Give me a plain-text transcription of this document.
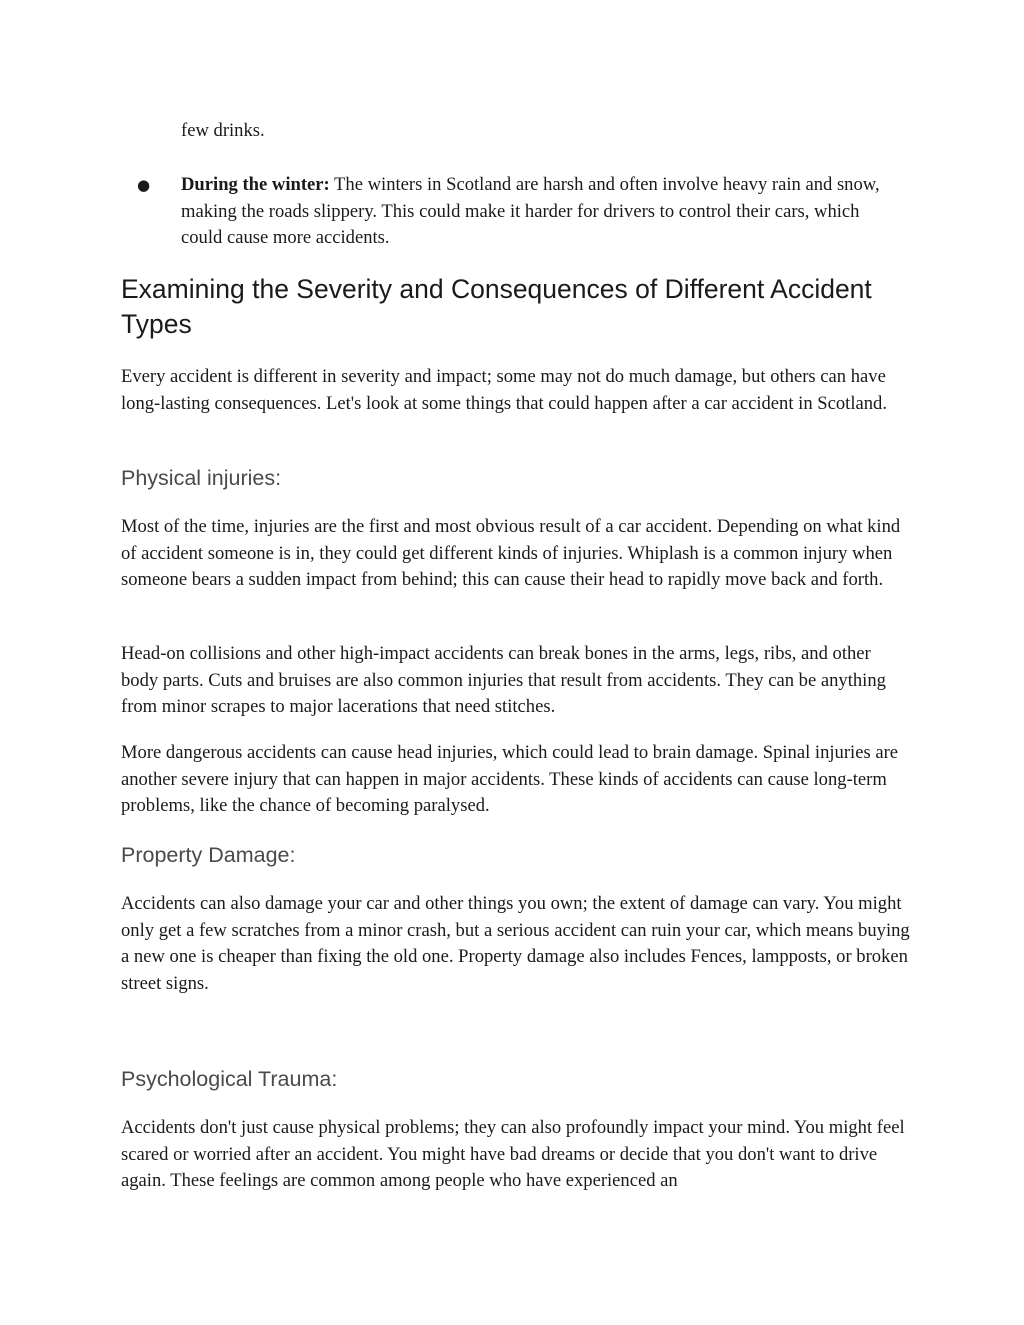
few drinks.

● During the winter: The winters in Scotland are harsh and often involve heavy rain and snow, making the roads slippery. This could make it harder for drivers to control their cars, which could cause more accidents.

Examining the Severity and Consequences of Different Accident Types

Every accident is different in severity and impact; some may not do much damage, but others can have long-lasting consequences. Let's look at some things that could happen after a car accident in Scotland.

Physical injuries:

Most of the time, injuries are the first and most obvious result of a car accident. Depending on what kind of accident someone is in, they could get different kinds of injuries. Whiplash is a common injury when someone bears a sudden impact from behind; this can cause their head to rapidly move back and forth.

Head-on collisions and other high-impact accidents can break bones in the arms, legs, ribs, and other body parts. Cuts and bruises are also common injuries that result from accidents. They can be anything from minor scrapes to major lacerations that need stitches.

More dangerous accidents can cause head injuries, which could lead to brain damage. Spinal injuries are another severe injury that can happen in major accidents. These kinds of accidents can cause long-term problems, like the chance of becoming paralysed.

Property Damage:

Accidents can also damage your car and other things you own; the extent of damage can vary. You might only get a few scratches from a minor crash, but a serious accident can ruin your car, which means buying a new one is cheaper than fixing the old one. Property damage also includes Fences, lampposts, or broken street signs.

Psychological Trauma:

Accidents don't just cause physical problems; they can also profoundly impact your mind. You might feel scared or worried after an accident. You might have bad dreams or decide that you don't want to drive again. These feelings are common among people who have experienced an
